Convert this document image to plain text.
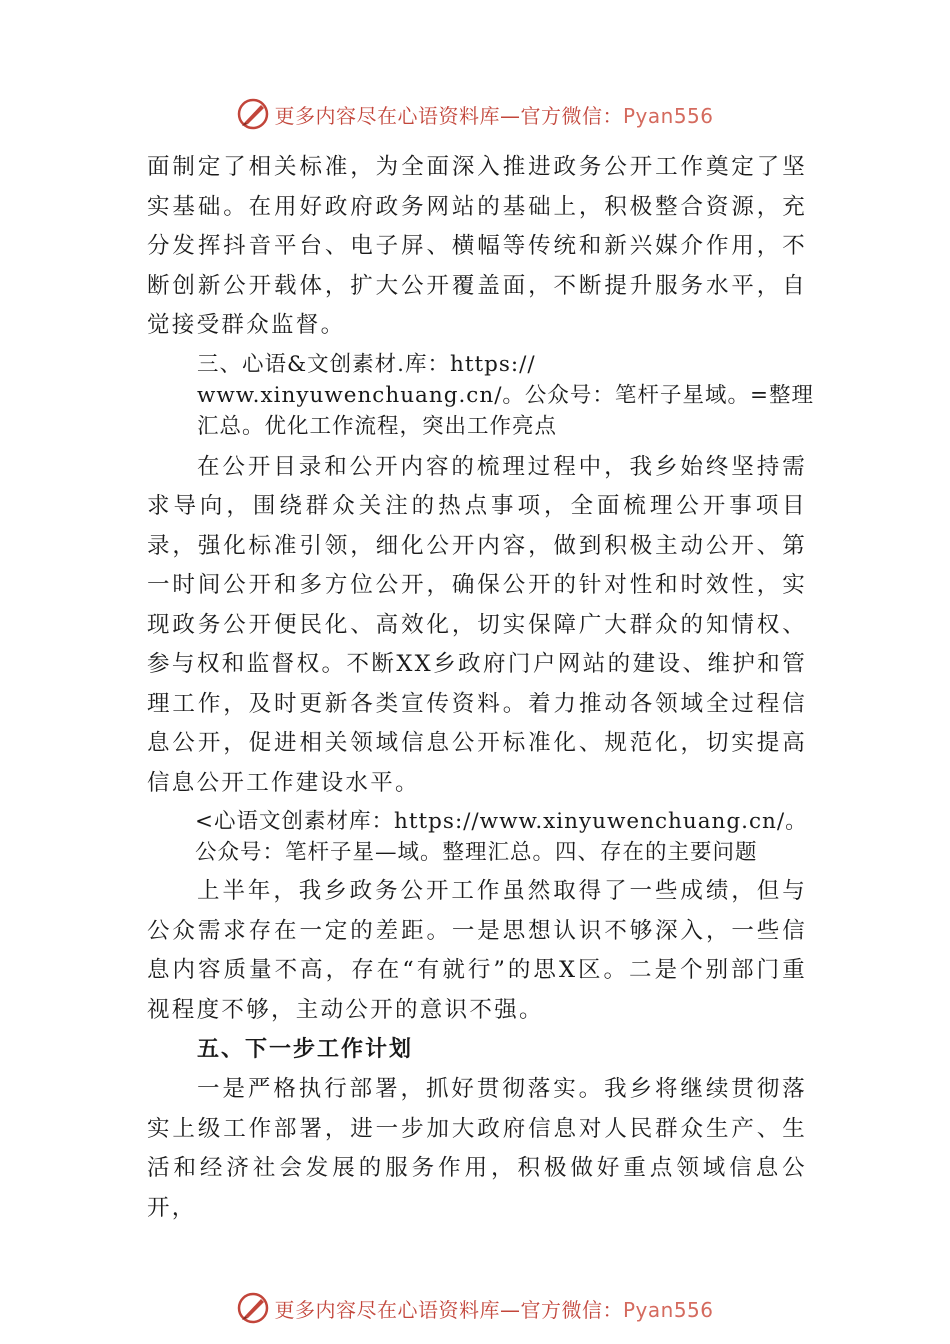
更多内容尽在心语资料库—官方微信：Pyan556

面制定了相关标准，为全面深入推进政务公开工作奠定了坚实基础。在用好政府政务网站的基础上，积极整合资源，充分发挥抖音平台、电子屏、横幅等传统和新兴媒介作用，不断创新公开载体，扩大公开覆盖面，不断提升服务水平，自觉接受群众监督。

三、心语&文创素材.库：https://
www.xinyuwenchuang.cn/。公众号：笔杆子星域。=整理
汇总。优化工作流程，突出工作亮点

在公开目录和公开内容的梳理过程中，我乡始终坚持需求导向，围绕群众关注的热点事项，全面梳理公开事项目录，强化标准引领，细化公开内容，做到积极主动公开、第一时间公开和多方位公开，确保公开的针对性和时效性，实现政务公开便民化、高效化，切实保障广大群众的知情权、参与权和监督权。不断XX乡政府门户网站的建设、维护和管理工作，及时更新各类宣传资料。着力推动各领域全过程信息公开，促进相关领域信息公开标准化、规范化，切实提高信息公开工作建设水平。

<心语文创素材库：https://www.xinyuwenchuang.cn/。
公众号：笔杆子星—域。整理汇总。四、存在的主要问题

上半年，我乡政务公开工作虽然取得了一些成绩，但与公众需求存在一定的差距。一是思想认识不够深入，一些信息内容质量不高，存在“有就行”的思X区。二是个别部门重视程度不够，主动公开的意识不强。

五、下一步工作计划

一是严格执行部署，抓好贯彻落实。我乡将继续贯彻落实上级工作部署，进一步加大政府信息对人民群众生产、生活和经济社会发展的服务作用，积极做好重点领域信息公开，

更多内容尽在心语资料库—官方微信：Pyan556
